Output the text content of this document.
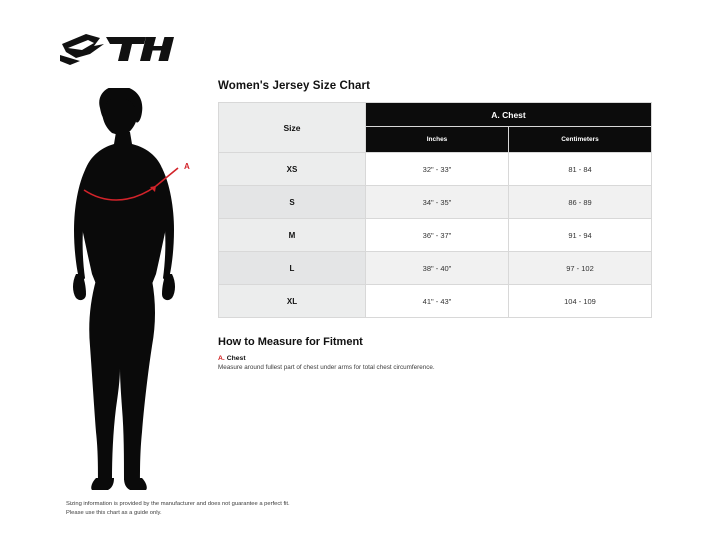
A
Women's Jersey Size Chart
Size	A. Chest	
	Inches	Centimeters
XS	32" - 33"	81 - 84
S	34" - 35"	86 - 89
M	36" - 37"	91 - 94
L	38" - 40"	97 - 102
XL	41" - 43"	104 - 109
How to Measure for Fitment

A. Chest

Measure around fullest part of chest under arms for total chest circumference.

Sizing information is provided by the manufacturer and does not guarantee a perfect fit.

Please use this chart as a guide only.
